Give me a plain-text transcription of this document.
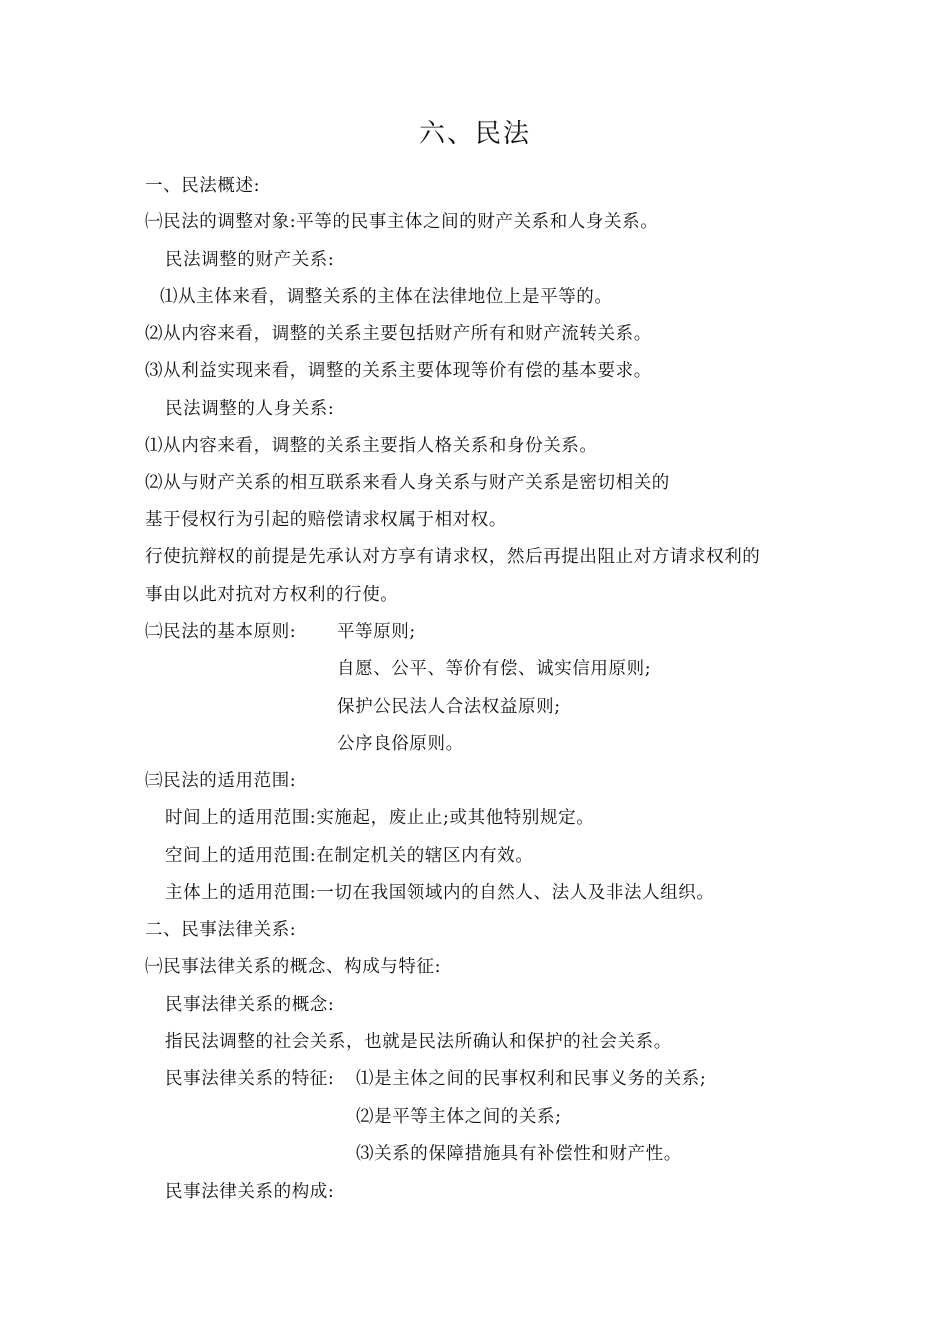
六、民法
一、民法概述:
㈠民法的调整对象:平等的民事主体之间的财产关系和人身关系。
民法调整的财产关系:
⑴从主体来看，调整关系的主体在法律地位上是平等的。
⑵从内容来看，调整的关系主要包括财产所有和财产流转关系。
⑶从利益实现来看，调整的关系主要体现等价有偿的基本要求。
民法调整的人身关系:
⑴从内容来看，调整的关系主要指人格关系和身份关系。
⑵从与财产关系的相互联系来看人身关系与财产关系是密切相关的
基于侵权行为引起的赔偿请求权属于相对权。
行使抗辩权的前提是先承认对方享有请求权，然后再提出阻止对方请求权利的
事由以此对抗对方权利的行使。
㈡民法的基本原则: 平等原则;
自愿、公平、等价有偿、诚实信用原则;
保护公民法人合法权益原则;
公序良俗原则。
㈢民法的适用范围:
时间上的适用范围:实施起，废止止;或其他特别规定。
空间上的适用范围:在制定机关的辖区内有效。
主体上的适用范围:一切在我国领域内的自然人、法人及非法人组织。
二、民事法律关系:
㈠民事法律关系的概念、构成与特征:
民事法律关系的概念:
指民法调整的社会关系，也就是民法所确认和保护的社会关系。
民事法律关系的特征: ⑴是主体之间的民事权利和民事义务的关系;
⑵是平等主体之间的关系;
⑶关系的保障措施具有补偿性和财产性。
民事法律关系的构成:
